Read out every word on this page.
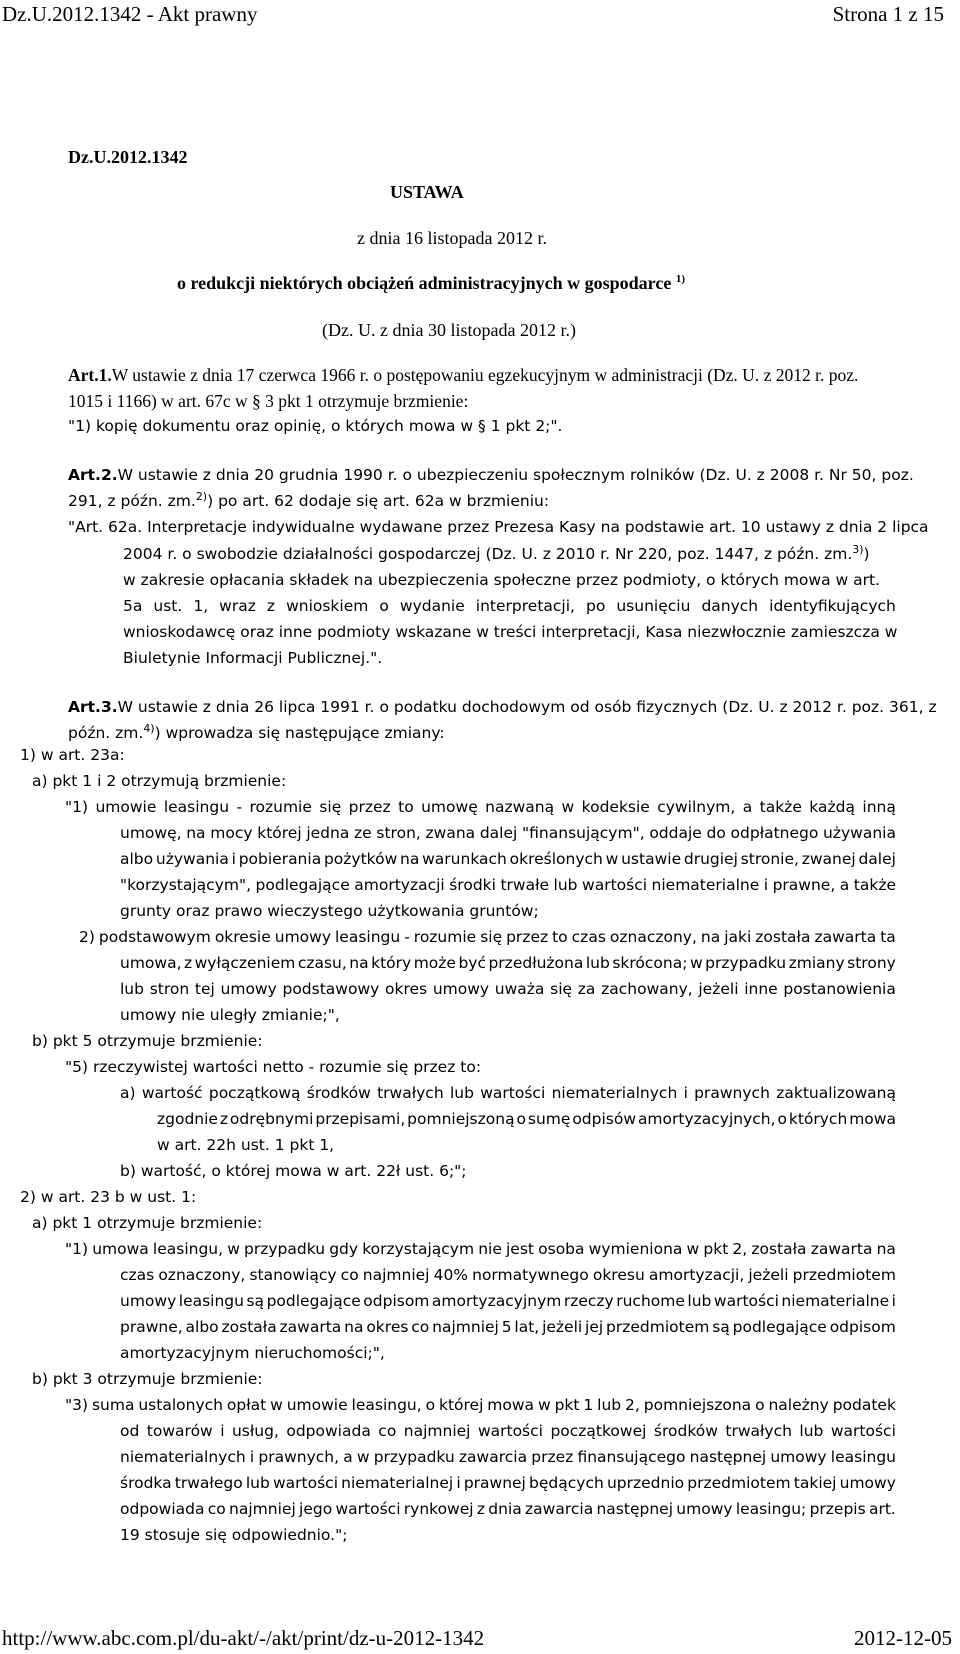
Dz.U.2012.1342 - Akt prawny	Strona 1 z 15
Dz.U.2012.1342
USTAWA
z dnia 16 listopada 2012 r.
o redukcji niektórych obciążeń administracyjnych w gospodarce $^{1)}$
(Dz. U. z dnia 30 listopada 2012 r.)
Art.1.W ustawie z dnia 17 czerwca 1966 r. o postępowaniu egzekucyjnym w administracji (Dz. U. z 2012 r. poz.
1015 i 1166) w art. 67c w § 3 pkt 1 otrzymuje brzmienie:
"1) kopię dokumentu oraz opinię, o których mowa w § 1 pkt 2;".
Art.2.W ustawie z dnia 20 grudnia 1990 r. o ubezpieczeniu społecznym rolników (Dz. U. z 2008 r. Nr 50, poz.
291, z późn. zm.$^{2)}$) po art. 62 dodaje się art. 62a w brzmieniu:
"Art. 62a. Interpretacje indywidualne wydawane przez Prezesa Kasy na podstawie art. 10 ustawy z dnia 2 lipca
2004 r. o swobodzie działalności gospodarczej (Dz. U. z 2010 r. Nr 220, poz. 1447, z późn. zm.$^{3)}$)
w zakresie opłacania składek na ubezpieczenia społeczne przez podmioty, o których mowa w art.
5a ust. 1, wraz z wnioskiem o wydanie interpretacji, po usunięciu danych identyfikujących
wnioskodawcę oraz inne podmioty wskazane w treści interpretacji, Kasa niezwłocznie zamieszcza w
Biuletynie Informacji Publicznej.".
Art.3.W ustawie z dnia 26 lipca 1991 r. o podatku dochodowym od osób fizycznych (Dz. U. z 2012 r. poz. 361, z
późn. zm.$^{4)}$) wprowadza się następujące zmiany:
1) w art. 23a:
a) pkt 1 i 2 otrzymują brzmienie:
"1) umowie leasingu - rozumie się przez to umowę nazwaną w kodeksie cywilnym, a także każdą inną
umowę, na mocy której jedna ze stron, zwana dalej "finansującym", oddaje do odpłatnego używania
albo używania i pobierania pożytków na warunkach określonych w ustawie drugiej stronie, zwanej dalej
"korzystającym", podlegające amortyzacji środki trwałe lub wartości niematerialne i prawne, a także
grunty oraz prawo wieczystego użytkowania gruntów;
2) podstawowym okresie umowy leasingu - rozumie się przez to czas oznaczony, na jaki została zawarta ta
umowa, z wyłączeniem czasu, na który może być przedłużona lub skrócona; w przypadku zmiany strony
lub stron tej umowy podstawowy okres umowy uważa się za zachowany, jeżeli inne postanowienia
umowy nie uległy zmianie;",
b) pkt 5 otrzymuje brzmienie:
"5) rzeczywistej wartości netto - rozumie się przez to:
a) wartość początkową środków trwałych lub wartości niematerialnych i prawnych zaktualizowaną
zgodnie z odrębnymi przepisami, pomniejszoną o sumę odpisów amortyzacyjnych, o których mowa
w art. 22h ust. 1 pkt 1,
b) wartość, o której mowa w art. 22ł ust. 6;";
2) w art. 23 b w ust. 1:
a) pkt 1 otrzymuje brzmienie:
"1) umowa leasingu, w przypadku gdy korzystającym nie jest osoba wymieniona w pkt 2, została zawarta na
czas oznaczony, stanowiący co najmniej 40% normatywnego okresu amortyzacji, jeżeli przedmiotem
umowy leasingu są podlegające odpisom amortyzacyjnym rzeczy ruchome lub wartości niematerialne i
prawne, albo została zawarta na okres co najmniej 5 lat, jeżeli jej przedmiotem są podlegające odpisom
amortyzacyjnym nieruchomości;",
b) pkt 3 otrzymuje brzmienie:
"3) suma ustalonych opłat w umowie leasingu, o której mowa w pkt 1 lub 2, pomniejszona o należny podatek
od towarów i usług, odpowiada co najmniej wartości początkowej środków trwałych lub wartości
niematerialnych i prawnych, a w przypadku zawarcia przez finansującego następnej umowy leasingu
środka trwałego lub wartości niematerialnej i prawnej będących uprzednio przedmiotem takiej umowy
odpowiada co najmniej jego wartości rynkowej z dnia zawarcia następnej umowy leasingu; przepis art.
19 stosuje się odpowiednio.";
http://www.abc.com.pl/du-akt/-/akt/print/dz-u-2012-1342	2012-12-05
